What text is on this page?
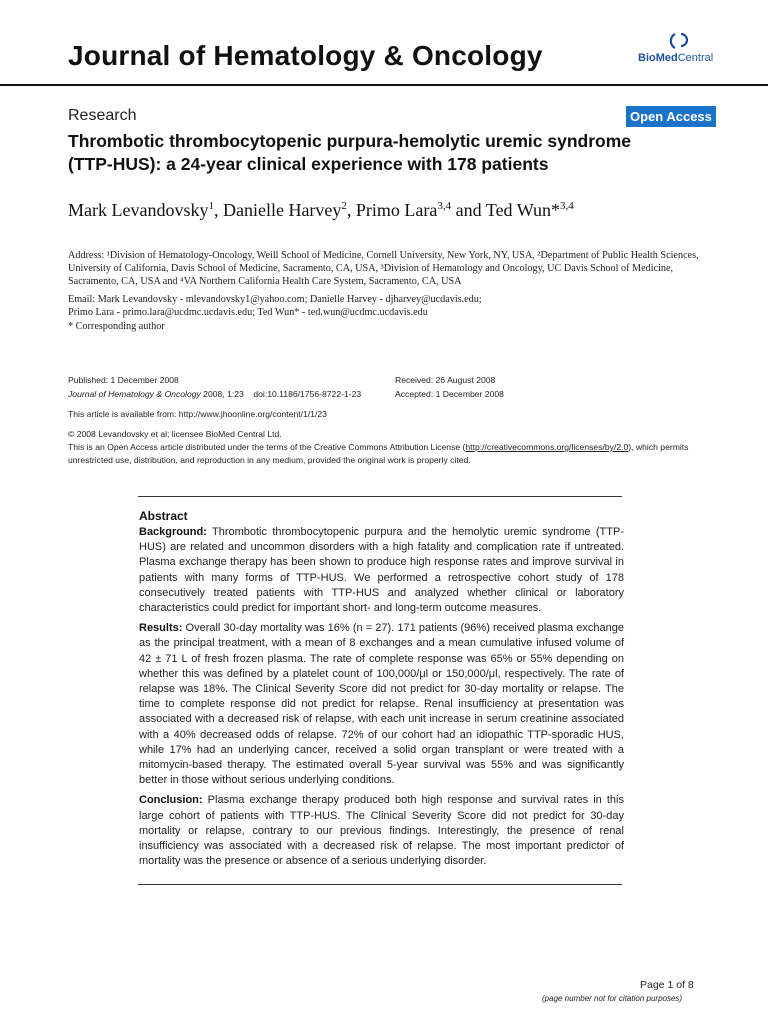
Journal of Hematology & Oncology	BioMedCentral
Research	Open Access
Thrombotic thrombocytopenic purpura-hemolytic uremic syndrome (TTP-HUS): a 24-year clinical experience with 178 patients
Mark Levandovsky$^1$, Danielle Harvey$^2$, Primo Lara$^{3,4}$ and Ted Wun*$^{3,4}$
Address: ¹Division of Hematology-Oncology, Weill School of Medicine, Cornell University, New York, NY, USA, ²Department of Public Health Sciences, University of California, Davis School of Medicine, Sacramento, CA, USA, ³Division of Hematology and Oncology, UC Davis School of Medicine, Sacramento, CA, USA and ⁴VA Northern California Health Care System, Sacramento, CA, USA
Email: Mark Levandovsky - mlevandovsky1@yahoo.com; Danielle Harvey - djharvey@ucdavis.edu;
Primo Lara - primo.lara@ucdmc.ucdavis.edu; Ted Wun* - ted.wun@ucdmc.ucdavis.edu
* Corresponding author
Published: 1 December 2008
Journal of Hematology & Oncology 2008, 1:23    doi:10.1186/1756-8722-1-23
Received: 26 August 2008
Accepted: 1 December 2008
This article is available from: http://www.jhoonline.org/content/1/1/23
© 2008 Levandovsky et al; licensee BioMed Central Ltd.
This is an Open Access article distributed under the terms of the Creative Commons Attribution License (http://creativecommons.org/licenses/by/2.0), which permits unrestricted use, distribution, and reproduction in any medium, provided the original work is properly cited.
Abstract

Background: Thrombotic thrombocytopenic purpura and the hemolytic uremic syndrome (TTP-HUS) are related and uncommon disorders with a high fatality and complication rate if untreated. Plasma exchange therapy has been shown to produce high response rates and improve survival in patients with many forms of TTP-HUS. We performed a retrospective cohort study of 178 consecutively treated patients with TTP-HUS and analyzed whether clinical or laboratory characteristics could predict for important short- and long-term outcome measures.

Results: Overall 30-day mortality was 16% (n = 27). 171 patients (96%) received plasma exchange as the principal treatment, with a mean of 8 exchanges and a mean cumulative infused volume of 42 ± 71 L of fresh frozen plasma. The rate of complete response was 65% or 55% depending on whether this was defined by a platelet count of 100,000/μl or 150,000/μl, respectively. The rate of relapse was 18%. The Clinical Severity Score did not predict for 30-day mortality or relapse. The time to complete response did not predict for relapse. Renal insufficiency at presentation was associated with a decreased risk of relapse, with each unit increase in serum creatinine associated with a 40% decreased odds of relapse. 72% of our cohort had an idiopathic TTP-sporadic HUS, while 17% had an underlying cancer, received a solid organ transplant or were treated with a mitomycin-based therapy. The estimated overall 5-year survival was 55% and was significantly better in those without serious underlying conditions.

Conclusion: Plasma exchange therapy produced both high response and survival rates in this large cohort of patients with TTP-HUS. The Clinical Severity Score did not predict for 30-day mortality or relapse, contrary to our previous findings. Interestingly, the presence of renal insufficiency was associated with a decreased risk of relapse. The most important predictor of mortality was the presence or absence of a serious underlying disorder.

Page 1 of 8
(page number not for citation purposes)
